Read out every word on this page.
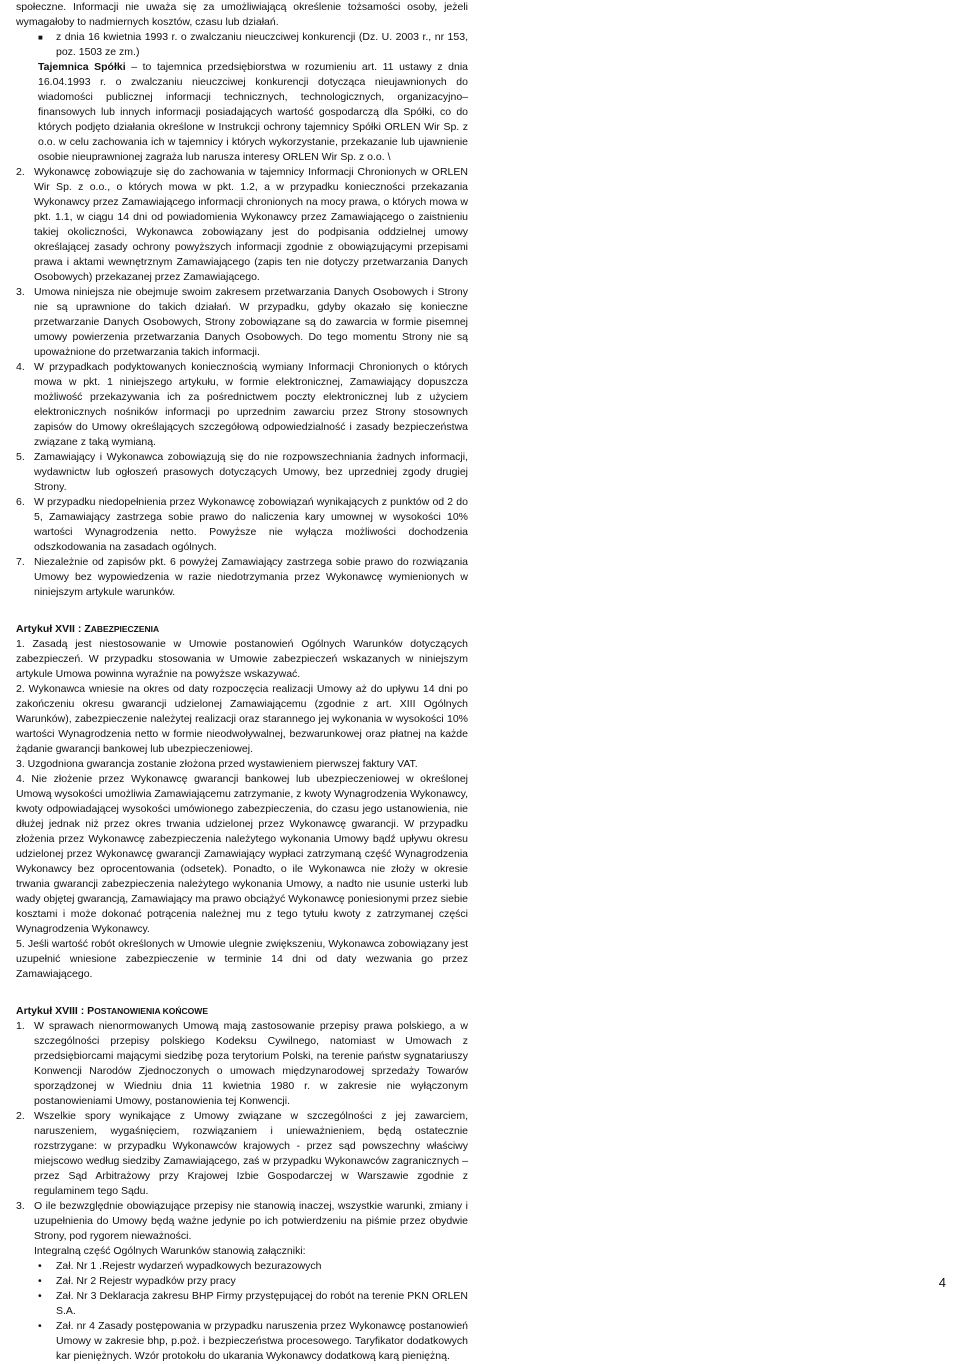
społeczne. Informacji nie uważa się za umożliwiającą określenie tożsamości osoby, jeżeli wymagałoby to nadmiernych kosztów, czasu lub działań.

■	z dnia 16 kwietnia 1993 r. o zwalczaniu nieuczciwej konkurencji (Dz. U. 2003 r., nr 153, poz. 1503 ze zm.)

Tajemnica Spółki – to tajemnica przedsiębiorstwa w rozumieniu art. 11 ustawy z dnia 16.04.1993 r. o zwalczaniu nieuczciwej konkurencji dotycząca nieujawnionych do wiadomości publicznej informacji technicznych, technologicznych, organizacyjno–finansowych lub innych informacji posiadających wartość gospodarczą dla Spółki, co do których podjęto działania określone w Instrukcji ochrony tajemnicy Spółki ORLEN Wir Sp. z o.o. w celu zachowania ich w tajemnicy i których wykorzystanie, przekazanie lub ujawnienie osobie nieuprawnionej zagraża lub narusza interesy ORLEN Wir Sp. z o.o. \

2. Wykonawcę zobowiązuje się do zachowania w tajemnicy Informacji Chronionych w ORLEN Wir Sp. z o.o., o których mowa w pkt. 1.2, a w przypadku konieczności przekazania Wykonawcy przez Zamawiającego informacji chronionych na mocy prawa, o których mowa w pkt. 1.1, w ciągu 14 dni od powiadomienia Wykonawcy przez Zamawiającego o zaistnieniu takiej okoliczności, Wykonawca zobowiązany jest do podpisania oddzielnej umowy określającej zasady ochrony powyższych informacji zgodnie z obowiązującymi przepisami prawa i aktami wewnętrznym Zamawiającego (zapis ten nie dotyczy przetwarzania Danych Osobowych) przekazanej przez Zamawiającego.
3. Umowa niniejsza nie obejmuje swoim zakresem przetwarzania Danych Osobowych i Strony nie są uprawnione do takich działań. W przypadku, gdyby okazało się konieczne przetwarzanie Danych Osobowych, Strony zobowiązane są do zawarcia w formie pisemnej umowy powierzenia przetwarzania Danych Osobowych. Do tego momentu Strony nie są upoważnione do przetwarzania takich informacji.
4. W przypadkach podyktowanych koniecznością wymiany Informacji Chronionych o których mowa w pkt. 1 niniejszego artykułu, w formie elektronicznej, Zamawiający dopuszcza możliwość przekazywania ich za pośrednictwem poczty elektronicznej lub z użyciem elektronicznych nośników informacji po uprzednim zawarciu przez Strony stosownych zapisów do Umowy określających szczegółową odpowiedzialność i zasady bezpieczeństwa związane z taką wymianą.
5. Zamawiający i Wykonawca zobowiązują się do nie rozpowszechniania żadnych informacji, wydawnictw lub ogłoszeń prasowych dotyczących Umowy, bez uprzedniej zgody drugiej Strony.
6. W przypadku niedopełnienia przez Wykonawcę zobowiązań wynikających z punktów od 2 do 5, Zamawiający zastrzega sobie prawo do naliczenia kary umownej w wysokości 10% wartości Wynagrodzenia netto. Powyższe nie wyłącza możliwości dochodzenia odszkodowania na zasadach ogólnych.
7. Niezależnie od zapisów pkt. 6 powyżej Zamawiający zastrzega sobie prawo do rozwiązania Umowy bez wypowiedzenia w razie niedotrzymania przez Wykonawcę wymienionych w niniejszym artykule warunków.
Artykuł XVII : ZABEZPIECZENIA

1. Zasadą jest niestosowanie w Umowie postanowień Ogólnych Warunków dotyczących zabezpieczeń. W przypadku stosowania w Umowie zabezpieczeń wskazanych w niniejszym artykule Umowa powinna wyraźnie na powyższe wskazywać.

2. Wykonawca wniesie na okres od daty rozpoczęcia realizacji Umowy aż do upływu 14 dni po zakończeniu okresu gwarancji udzielonej Zamawiającemu (zgodnie z art. XIII Ogólnych Warunków), zabezpieczenie należytej realizacji oraz starannego jej wykonania w wysokości 10% wartości Wynagrodzenia netto w formie nieodwoływalnej, bezwarunkowej oraz płatnej na każde żądanie gwarancji bankowej lub ubezpieczeniowej.

3. Uzgodniona gwarancja zostanie złożona przed wystawieniem pierwszej faktury VAT.

4. Nie złożenie przez Wykonawcę gwarancji bankowej lub ubezpieczeniowej w określonej Umową wysokości umożliwia Zamawiającemu zatrzymanie, z kwoty Wynagrodzenia Wykonawcy, kwoty odpowiadającej wysokości umówionego zabezpieczenia, do czasu jego ustanowienia, nie dłużej jednak niż przez okres trwania udzielonej przez Wykonawcę gwarancji. W przypadku złożenia przez Wykonawcę zabezpieczenia należytego wykonania Umowy bądź upływu okresu udzielonej przez Wykonawcę gwarancji Zamawiający wypłaci zatrzymaną część Wynagrodzenia Wykonawcy bez oprocentowania (odsetek). Ponadto, o ile Wykonawca nie złoży w okresie trwania gwarancji zabezpieczenia należytego wykonania Umowy, a nadto nie usunie usterki lub wady objętej gwarancją, Zamawiający ma prawo obciążyć Wykonawcę poniesionymi przez siebie kosztami i może dokonać potrącenia należnej mu z tego tytułu kwoty z zatrzymanej części Wynagrodzenia Wykonawcy.

5. Jeśli wartość robót określonych w Umowie ulegnie zwiększeniu, Wykonawca zobowiązany jest uzupełnić wniesione zabezpieczenie w terminie 14 dni od daty wezwania go przez Zamawiającego.

Artykuł XVIII : POSTANOWIENIA KOŃCOWE
1. W sprawach nienormowanych Umową mają zastosowanie przepisy prawa polskiego, a w szczególności przepisy polskiego Kodeksu Cywilnego, natomiast w Umowach z przedsiębiorcami mającymi siedzibę poza terytorium Polski, na terenie państw sygnatariuszy Konwencji Narodów Zjednoczonych o umowach międzynarodowej sprzedaży Towarów sporządzonej w Wiedniu dnia 11 kwietnia 1980 r. w zakresie nie wyłączonym postanowieniami Umowy, postanowienia tej Konwencji.
2. Wszelkie spory wynikające z Umowy związane w szczególności z jej zawarciem, naruszeniem, wygaśnięciem, rozwiązaniem i unieważnieniem, będą ostatecznie rozstrzygane: w przypadku Wykonawców krajowych - przez sąd powszechny właściwy miejscowo według siedziby Zamawiającego, zaś w przypadku Wykonawców zagranicznych – przez Sąd Arbitrażowy przy Krajowej Izbie Gospodarczej w Warszawie zgodnie z regulaminem tego Sądu.
3. O ile bezwzględnie obowiązujące przepisy nie stanowią inaczej, wszystkie warunki, zmiany i uzupełnienia do Umowy będą ważne jedynie po ich potwierdzeniu na piśmie przez obydwie Strony, pod rygorem nieważności.

Integralną część Ogólnych Warunków stanowią załączniki:

•	Zał. Nr 1 .Rejestr wydarzeń wypadkowych bezurazowych
•	Zał. Nr 2 Rejestr wypadków przy pracy
•	Zał. Nr 3 Deklaracja zakresu BHP Firmy przystępującej do robót na terenie PKN ORLEN S.A.
•	Zał. nr 4 Zasady postępowania w przypadku naruszenia przez Wykonawcę postanowień Umowy w zakresie bhp, p.poż. i bezpieczeństwa procesowego. Taryfikator dodatkowych kar pieniężnych. Wzór protokołu do ukarania Wykonawcy dodatkową karą pieniężną.
4
